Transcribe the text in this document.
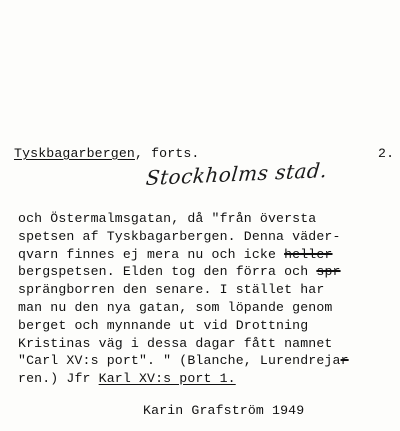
Tyskbagarbergen, forts.	2.
Stockholms stad.
och Östermalmsgatan, då "från översta
spetsen af Tyskbagarbergen. Denna väder-
qvarn finnes ej mera nu och icke heller
bergspetsen. Elden tog den förra och spr
sprängborren den senare. I stället har
man nu den nya gatan, som löpande genom
berget och mynnande ut vid Drottning
Kristinas väg i dessa dagar fått namnet
"Carl XV:s port". " (Blanche, Lurendrejar
ren.) Jfr Karl XV:s port 1.
Karin Grafström 1949
